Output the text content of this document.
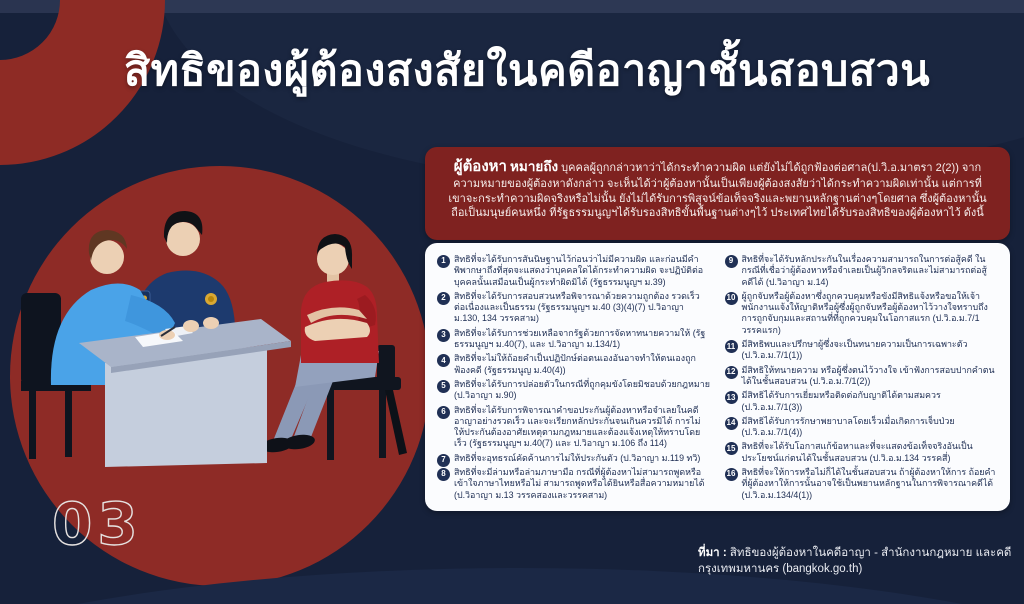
สิทธิของผู้ต้องสงสัยในคดีอาญาชั้นสอบสวน
ผู้ต้องหา หมายถึง บุคคลผู้ถูกกล่าวหาว่าได้กระทำความผิด แต่ยังไม่ได้ถูกฟ้องต่อศาล(ป.วิ.อ.มาตรา 2(2)) จากความหมายของผู้ต้องหาดังกล่าว จะเห็นได้ว่าผู้ต้องหานั้นเป็นเพียงผู้ต้องสงสัยว่าได้กระทำความผิดเท่านั้น แต่การที่เขาจะกระทำความผิดจริงหรือไม่นั้น ยังไม่ได้รับการพิสูจน์ข้อเท็จจริงและพยานหลักฐานต่างๆโดยศาล ซึ่งผู้ต้องหานั้นถือเป็นมนุษย์คนหนึ่ง ที่รัฐธรรมนูญฯได้รับรองสิทธิขั้นพื้นฐานต่างๆไว้ ประเทศไทยได้รับรองสิทธิของผู้ต้องหาไว้ ดังนี้
1 สิทธิที่จะได้รับการสันนิษฐานไว้ก่อนว่าไม่มีความผิด และก่อนมีคำพิพากษาถึงที่สุดจะแสดงว่าบุคคลใดได้กระทำความผิด จะปฏิบัติต่อบุคคลนั้นเสมือนเป็นผู้กระทำผิดมิได้ (รัฐธรรมนูญฯ ม.39)
2 สิทธิที่จะได้รับการสอบสวนหรือพิจารณาด้วยความถูกต้อง รวดเร็ว ต่อเนื่องและเป็นธรรม (รัฐธรรมนูญฯ ม.40 (3)(4)(7) ป.วิอาญา ม.130, 134 วรรคสาม)
3 สิทธิที่จะได้รับการช่วยเหลือจากรัฐด้วยการจัดหาทนายความให้ (รัฐธรรมนูญฯ ม.40(7), และ ป.วิอาญา ม.134/1)
4 สิทธิที่จะไม่ให้ถ้อยคำเป็นปฏิปักษ์ต่อตนเองอันอาจทำให้ตนเองถูกฟ้องคดี (รัฐธรรมนูญ ม.40(4))
5 สิทธิที่จะได้รับการปล่อยตัวในกรณีที่ถูกคุมขังโดยมิชอบด้วยกฎหมาย (ป.วิอาญา ม.90)
6 สิทธิที่จะได้รับการพิจารณาคำขอประกันผู้ต้องหาหรือจำเลยในคดีอาญาอย่างรวดเร็ว และจะเรียกหลักประกันจนเกินควรมิได้ การไม่ให้ประกันต้องอาศัยเหตุตามกฎหมายและต้องแจ้งเหตุให้ทราบโดยเร็ว (รัฐธรรมนูญฯ ม.40(7) และ ป.วิอาญา ม.106 ถึง 114)
7 สิทธิที่จะอุทธรณ์คัดค้านการไม่ให้ประกันตัว (ป.วิอาญา ม.119 ทวิ)
8 สิทธิที่จะมีล่ามหรือล่ามภาษามือ กรณีที่ผู้ต้องหาไม่สามารถพูดหรือเข้าใจภาษาไทยหรือไม่ สามารถพูดหรือได้ยินหรือสื่อความหมายได้ (ป.วิอาญา ม.13 วรรคสองและวรรคสาม)
9 สิทธิที่จะได้รับหลักประกันในเรื่องความสามารถในการต่อสู้คดี ในกรณีที่เชื่อว่าผู้ต้องหาหรือจำเลยเป็นผู้วิกลจริตและไม่สามารถต่อสู้คดีได้ (ป.วิอาญา ม.14)
10 ผู้ถูกจับหรือผู้ต้องหาซึ่งถูกควบคุมหรือขังมีสิทธิแจ้งหรือขอให้เจ้าพนักงานแจ้งให้ญาติหรือผู้ซึ่งผู้ถูกจับหรือผู้ต้องหาไว้วางใจทราบถึงการถูกจับกุมและสถานที่ที่ถูกควบคุมในโอกาสแรก (ป.วิ.อ.ม.7/1 วรรคแรก)
11 มีสิทธิพบและปรึกษาผู้ซึ่งจะเป็นทนายความเป็นการเฉพาะตัว (ป.วิ.อ.ม.7/1(1))
12 มีสิทธิให้ทนายความ หรือผู้ซึ่งตนไว้วางใจ เข้าฟังการสอบปากคำตนได้ในชั้นสอบสวน (ป.วิ.อ.ม.7/1(2))
13 มีสิทธิได้รับการเยี่ยมหรือติดต่อกับญาติได้ตามสมควร (ป.วิ.อ.ม.7/1(3))
14 มีสิทธิได้รับการรักษาพยาบาลโดยเร็วเมื่อเกิดการเจ็บป่วย (ป.วิ.อ.ม.7/1(4))
15 สิทธิที่จะได้รับโอกาสแก้ข้อหาและที่จะแสดงข้อเท็จจริงอันเป็นประโยชน์แก่ตนได้ในชั้นสอบสวน (ป.วิ.อ.ม.134 วรรคสี่)
16 สิทธิที่จะให้การหรือไม่ก็ได้ในชั้นสอบสวน ถ้าผู้ต้องหาให้การ ถ้อยคำที่ผู้ต้องหาให้การนั้นอาจใช้เป็นพยานหลักฐานในการพิจารณาคดีได้ (ป.วิ.อ.ม.134/4(1))
03	ที่มา : สิทธิของผู้ต้องหาในคดีอาญา - สำนักงานกฎหมาย และคดี กรุงเทพมหานคร (bangkok.go.th)
